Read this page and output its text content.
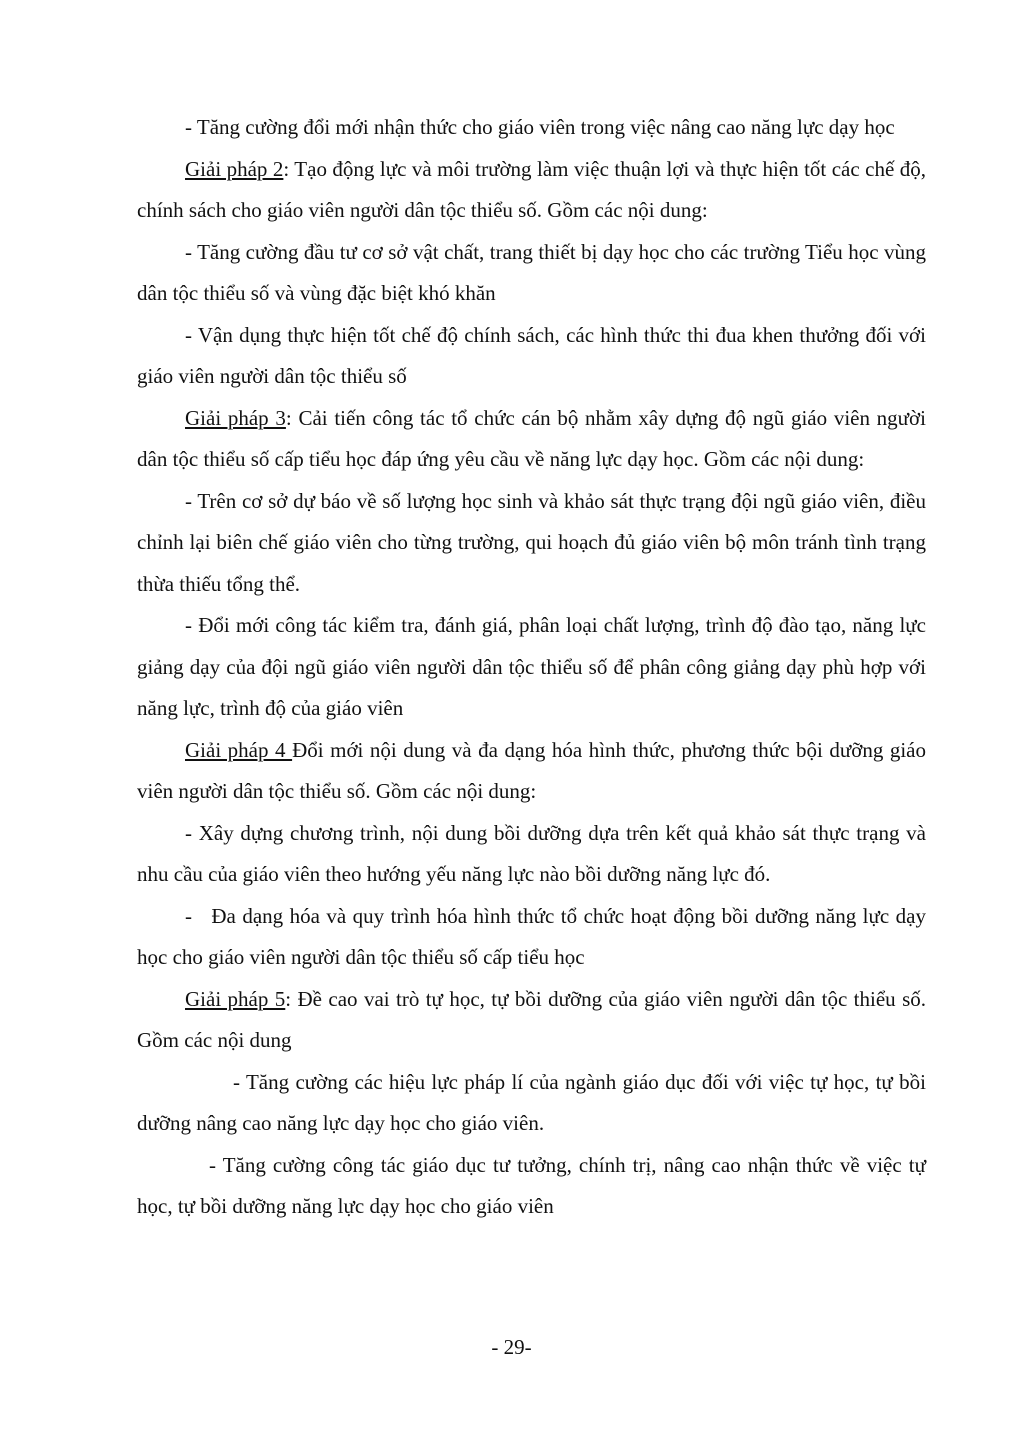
- Tăng cường đổi mới nhận thức cho giáo viên trong việc nâng cao năng lực dạy học

Giải pháp 2: Tạo động lực và môi trường làm việc thuận lợi và thực hiện tốt các chế độ, chính sách cho giáo viên người dân tộc thiểu số. Gồm các nội dung:

- Tăng cường đầu tư cơ sở vật chất, trang thiết bị dạy học cho các trường Tiểu học vùng dân tộc thiểu số và vùng đặc biệt khó khăn

- Vận dụng thực hiện tốt chế độ chính sách, các hình thức thi đua khen thưởng đối với giáo viên người dân tộc thiểu số

Giải pháp 3: Cải tiến công tác tổ chức cán bộ nhằm xây dựng độ ngũ giáo viên người dân tộc thiểu số cấp tiểu học đáp ứng yêu cầu về năng lực dạy học. Gồm các nội dung:

- Trên cơ sở dự báo về số lượng học sinh và khảo sát thực trạng đội ngũ giáo viên, điều chỉnh lại biên chế giáo viên cho từng trường, qui hoạch đủ giáo viên bộ môn tránh tình trạng thừa thiếu tổng thể.

- Đổi mới công tác kiểm tra, đánh giá, phân loại chất lượng, trình độ đào tạo, năng lực giảng dạy của đội ngũ giáo viên người dân tộc thiểu số để phân công giảng dạy phù hợp với năng lực, trình độ của giáo viên

Giải pháp 4 Đổi mới nội dung và đa dạng hóa hình thức, phương thức bội dưỡng giáo viên người dân tộc thiểu số. Gồm các nội dung:

- Xây dựng chương trình, nội dung bồi dưỡng dựa trên kết quả khảo sát thực trạng và nhu cầu của giáo viên theo hướng yếu năng lực nào bồi dưỡng năng lực đó.

-   Đa dạng hóa và quy trình hóa hình thức tổ chức hoạt động bồi dưỡng năng lực dạy học cho giáo viên người dân tộc thiểu số cấp tiểu học

Giải pháp 5: Đề cao vai trò tự học, tự bồi dưỡng của giáo viên người dân tộc thiểu số. Gồm các nội dung

- Tăng cường các hiệu lực pháp lí của ngành giáo dục đối với việc tự học, tự bồi dưỡng nâng cao năng lực dạy học cho giáo viên.

- Tăng cường công tác giáo dục tư tưởng, chính trị, nâng cao nhận thức về việc tự học, tự bồi dưỡng năng lực dạy học cho giáo viên

- 29-
